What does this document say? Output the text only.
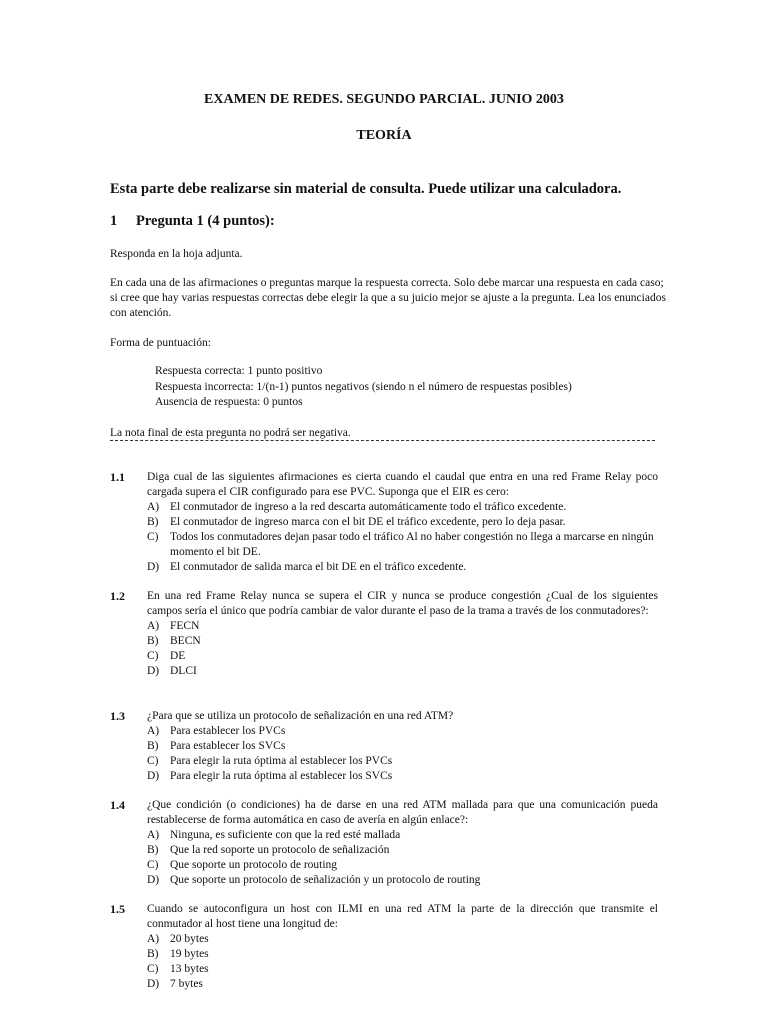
EXAMEN DE REDES. SEGUNDO PARCIAL. JUNIO 2003
TEORÍA
Esta parte debe realizarse sin material de consulta. Puede utilizar una calculadora.
1 Pregunta 1 (4 puntos):

Responda en la hoja adjunta.

En cada una de las afirmaciones o preguntas marque la respuesta correcta. Solo debe marcar una respuesta en cada caso; si cree que hay varias respuestas correctas debe elegir la que a su juicio mejor se ajuste a la pregunta. Lea los enunciados con atención.

Forma de puntuación:

Respuesta correcta: 1 punto positivo
Respuesta incorrecta: 1/(n-1) puntos negativos (siendo n el número de respuestas posibles)
Ausencia de respuesta: 0 puntos

La nota final de esta pregunta no podrá ser negativa.

1.1 Diga cual de las siguientes afirmaciones es cierta cuando el caudal que entra en una red Frame Relay poco cargada supera el CIR configurado para ese PVC. Suponga que el EIR es cero:
A) El conmutador de ingreso a la red descarta automáticamente todo el tráfico excedente.
B)	El conmutador de ingreso marca con el bit DE el tráfico excedente, pero lo deja pasar.
C)	Todos los conmutadores dejan pasar todo el tráfico Al no haber congestión no llega a marcarse en ningún momento el bit DE.
D) El conmutador de salida marca el bit DE en el tráfico excedente.
1.2 En una red Frame Relay nunca se supera el CIR y nunca se produce congestión ¿Cual de los siguientes campos sería el único que podría cambiar de valor durante el paso de la trama a través de los conmutadores?:
A) FECN
B)	BECN
C)	DE
D) DLCI
1.3 ¿Para que se utiliza un protocolo de señalización en una red ATM?
A) Para establecer los PVCs
B)	Para establecer los SVCs
C)	Para elegir la ruta óptima al establecer los PVCs
D) Para elegir la ruta óptima al establecer los SVCs
1.4 ¿Que condición (o condiciones) ha de darse en una red ATM mallada para que una comunicación pueda restablecerse de forma automática en caso de avería en algún enlace?:
A) Ninguna, es suficiente con que la red esté mallada
B)	Que la red soporte un protocolo de señalización
C)	Que soporte un protocolo de routing
D) Que soporte un protocolo de señalización y un protocolo de routing
1.5 Cuando se autoconfigura un host con ILMI en una red ATM la parte de la dirección que transmite el conmutador al host tiene una longitud de:
A) 20 bytes
B)	19 bytes
C)	13 bytes
D) 7 bytes
